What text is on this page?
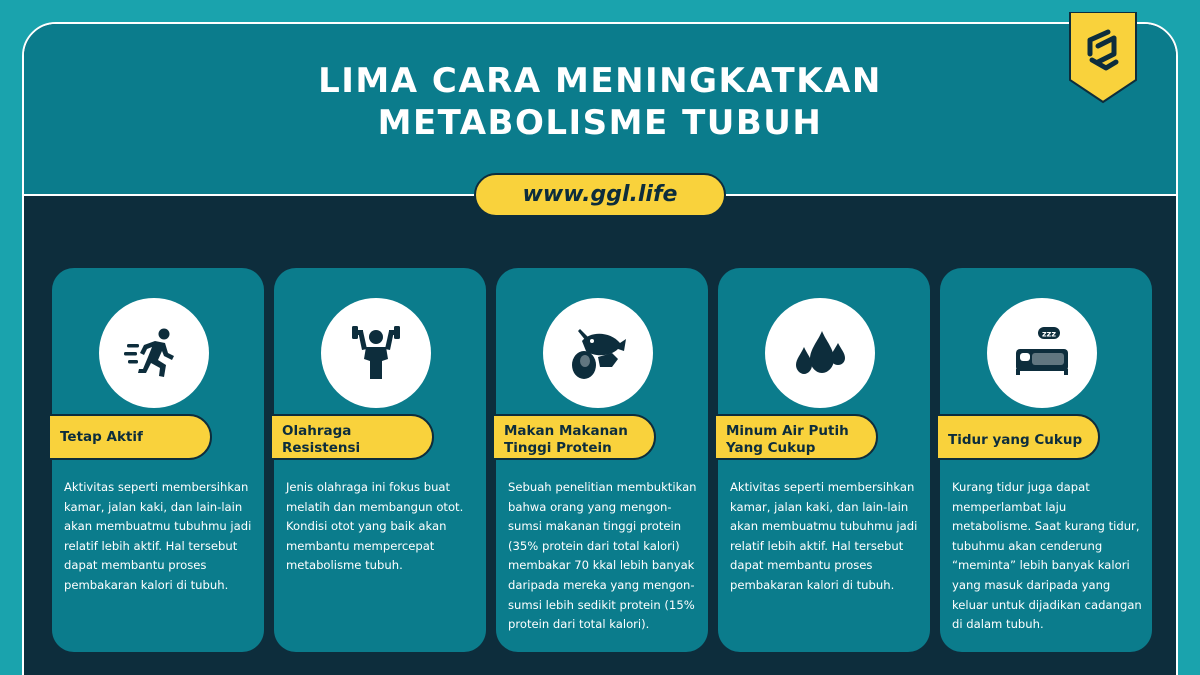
LIMA CARA MENINGKATKAN
METABOLISME TUBUH
Tetap Aktif

Aktivitas seperti membersihkan kamar, jalan kaki, dan lain-lain akan membuatmu tubuhmu jadi relatif lebih aktif. Hal tersebut dapat membantu proses pembakaran kalori di tubuh.

Olahraga Resistensi

Jenis olahraga ini fokus buat melatih dan membangun otot. Kondisi otot yang baik akan membantu mempercepat metabolisme tubuh.

Makan Makanan Tinggi Protein

Sebuah penelitian membuktikan bahwa orang yang mengon-sumsi makanan tinggi protein (35% protein dari total kalori) membakar 70 kkal lebih banyak daripada mereka yang mengon-sumsi lebih sedikit protein (15% protein dari total kalori).

Minum Air Putih Yang Cukup

Aktivitas seperti membersihkan kamar, jalan kaki, dan lain-lain akan membuatmu tubuhmu jadi relatif lebih aktif. Hal tersebut dapat membantu proses pembakaran kalori di tubuh.

zzz
Tidur yang Cukup

Kurang tidur juga dapat memperlambat laju metabolisme. Saat kurang tidur, tubuhmu akan cenderung “meminta” lebih banyak kalori yang masuk daripada yang keluar untuk dijadikan cadangan di dalam tubuh.

www.ggl.life
